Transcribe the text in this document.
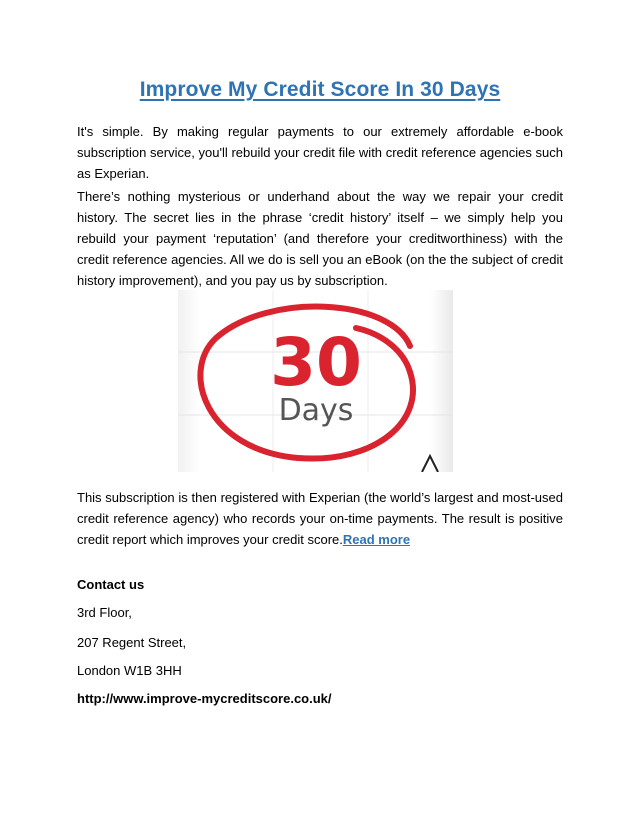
Improve My Credit Score In 30 Days

It's simple. By making regular payments to our extremely affordable e-book subscription service, you'll rebuild your credit file with credit reference agencies such as Experian.

There’s nothing mysterious or underhand about the way we repair your credit history. The secret lies in the phrase ‘credit history’ itself – we simply help you rebuild your payment ‘reputation’ (and therefore your creditworthiness) with the credit reference agencies. All we do is sell you an eBook (on the the subject of credit history improvement), and you pay us by subscription.

30
Days

This subscription is then registered with Experian (the world’s largest and most-used credit reference agency) who records your on-time payments. The result is positive credit report which improves your credit score.Read more

Contact us

3rd Floor,

207 Regent Street,

London W1B 3HH

http://www.improve-mycreditscore.co.uk/
